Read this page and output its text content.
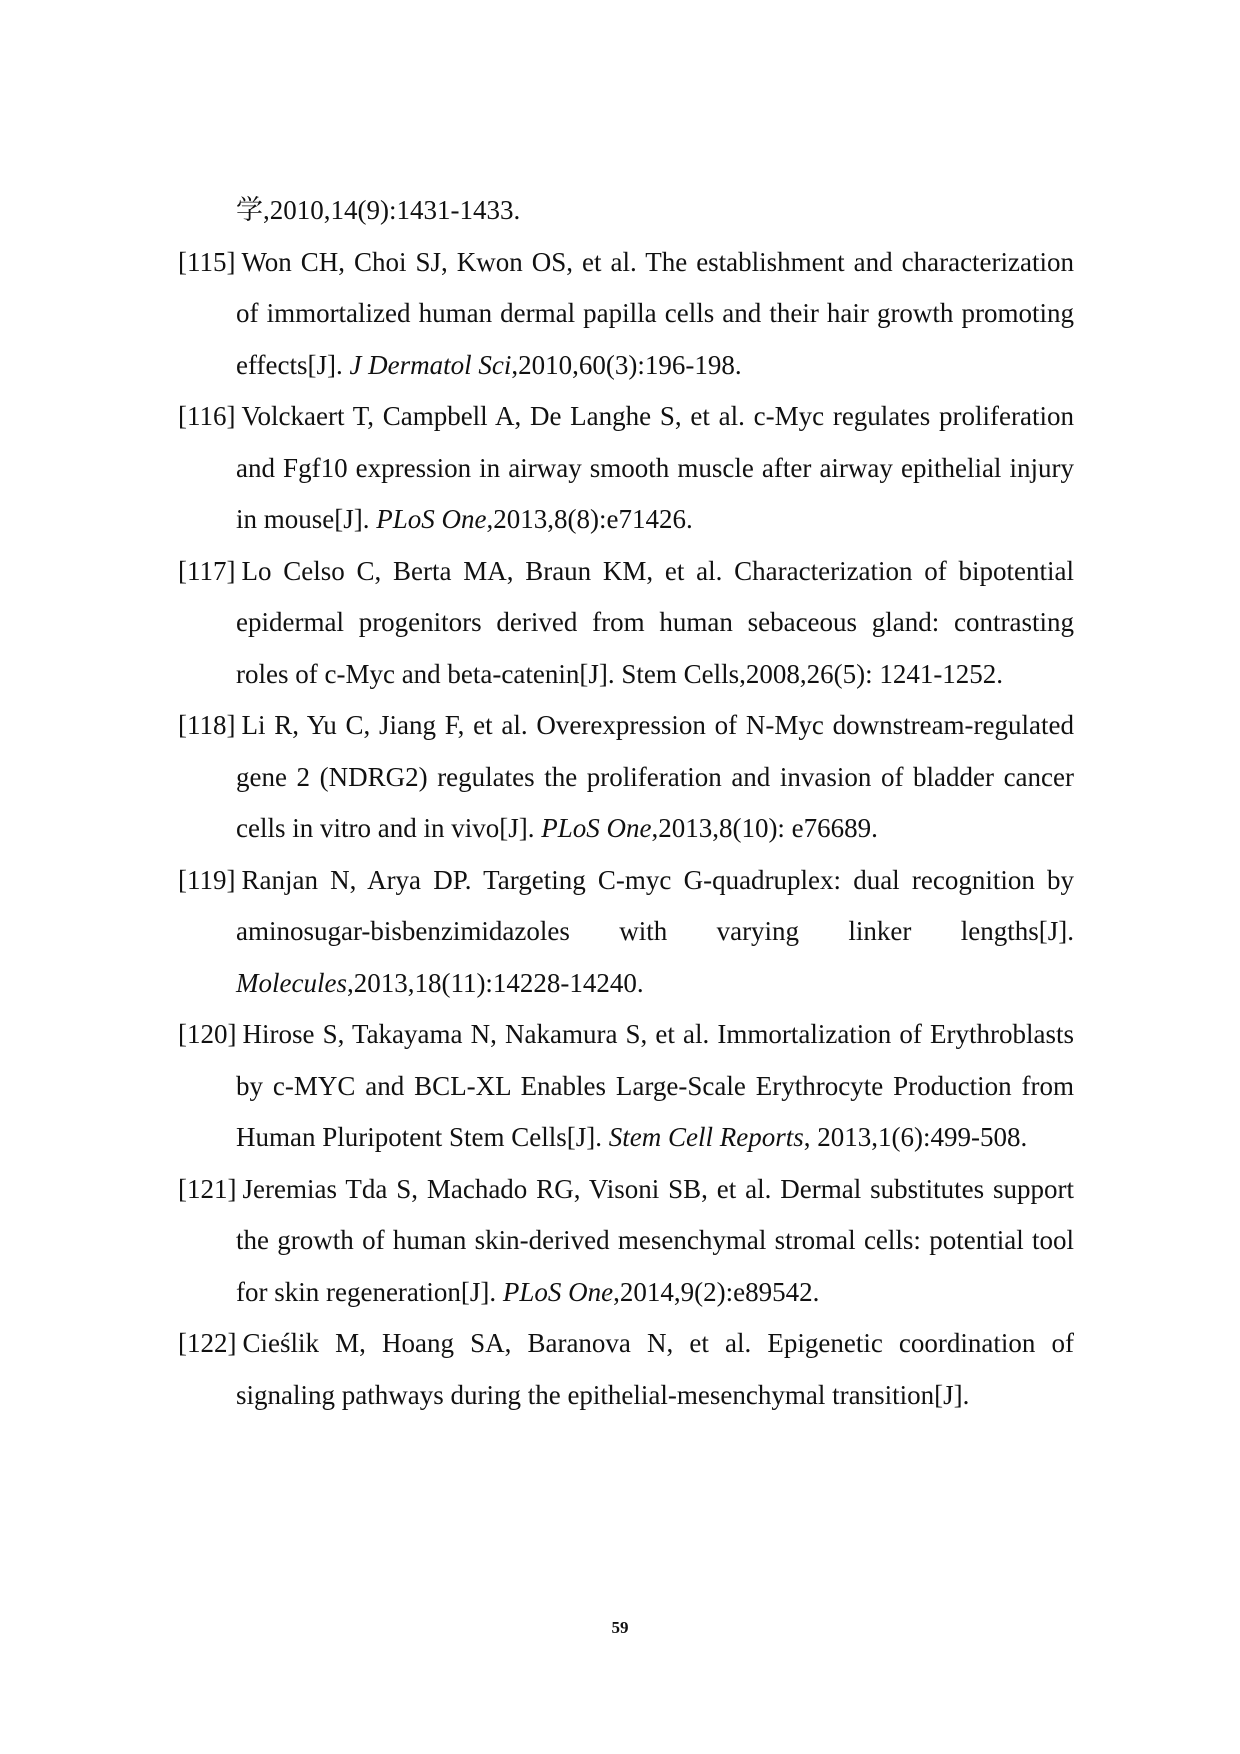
学,2010,14(9):1431-1433.

[115] Won CH, Choi SJ, Kwon OS, et al. The establishment and characterization of immortalized human dermal papilla cells and their hair growth promoting effects[J]. J Dermatol Sci,2010,60(3):196-198.

[116] Volckaert T, Campbell A, De Langhe S, et al. c-Myc regulates proliferation and Fgf10 expression in airway smooth muscle after airway epithelial injury in mouse[J]. PLoS One,2013,8(8):e71426.

[117] Lo Celso C, Berta MA, Braun KM, et al. Characterization of bipotential epidermal progenitors derived from human sebaceous gland: contrasting roles of c-Myc and beta-catenin[J]. Stem Cells,2008,26(5): 1241-1252.

[118] Li R, Yu C, Jiang F, et al. Overexpression of N-Myc downstream-regulated gene 2 (NDRG2) regulates the proliferation and invasion of bladder cancer cells in vitro and in vivo[J]. PLoS One,2013,8(10): e76689.

[119] Ranjan N, Arya DP. Targeting C-myc G-quadruplex: dual recognition by aminosugar-bisbenzimidazoles with varying linker lengths[J]. Molecules,2013,18(11):14228-14240.

[120] Hirose S, Takayama N, Nakamura S, et al. Immortalization of Erythroblasts by c-MYC and BCL-XL Enables Large-Scale Erythrocyte Production from Human Pluripotent Stem Cells[J]. Stem Cell Reports, 2013,1(6):499-508.

[121] Jeremias Tda S, Machado RG, Visoni SB, et al. Dermal substitutes support the growth of human skin-derived mesenchymal stromal cells: potential tool for skin regeneration[J]. PLoS One,2014,9(2):e89542.

[122] Cieślik M, Hoang SA, Baranova N, et al. Epigenetic coordination of signaling pathways during the epithelial-mesenchymal transition[J].

59
